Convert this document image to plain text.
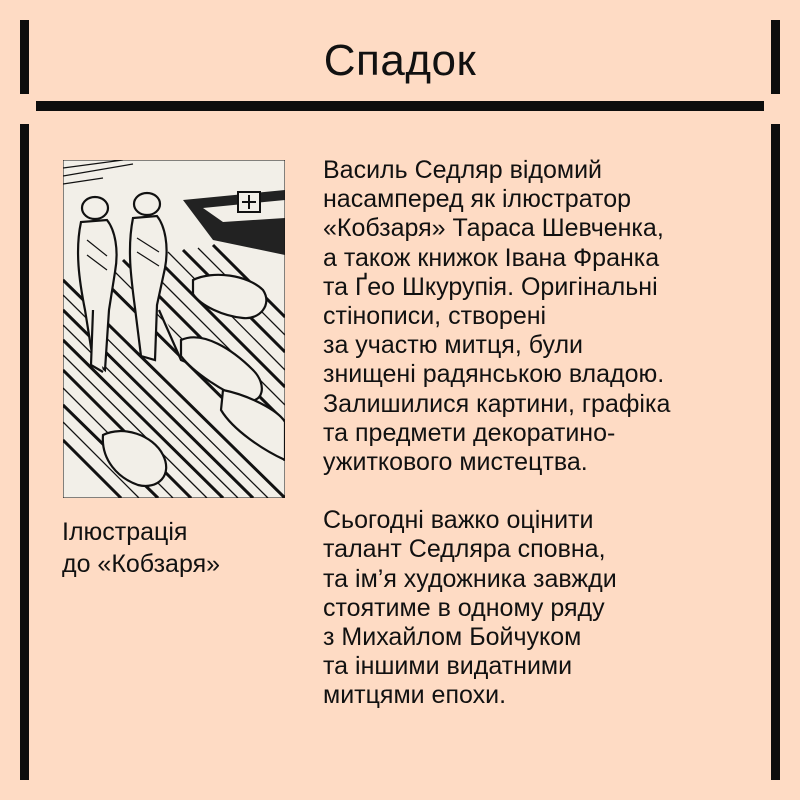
Спадок
Ілюстрація
до «Кобзаря»
Василь Седляр відомий
насамперед як ілюстратор
«Кобзаря» Тараса Шевченка,
а також книжок Івана Франка
та Ґео Шкурупія. Оригінальні
стінописи, створені
за участю митця, були
знищені радянською владою.
Залишилися картини, графіка
та предмети декоратино-
ужиткового мистецтва.
Сьогодні важко оцінити
талант Седляра сповна,
та ім’я художника завжди
стоятиме в одному ряду
з Михайлом Бойчуком
та іншими видатними
митцями епохи.
